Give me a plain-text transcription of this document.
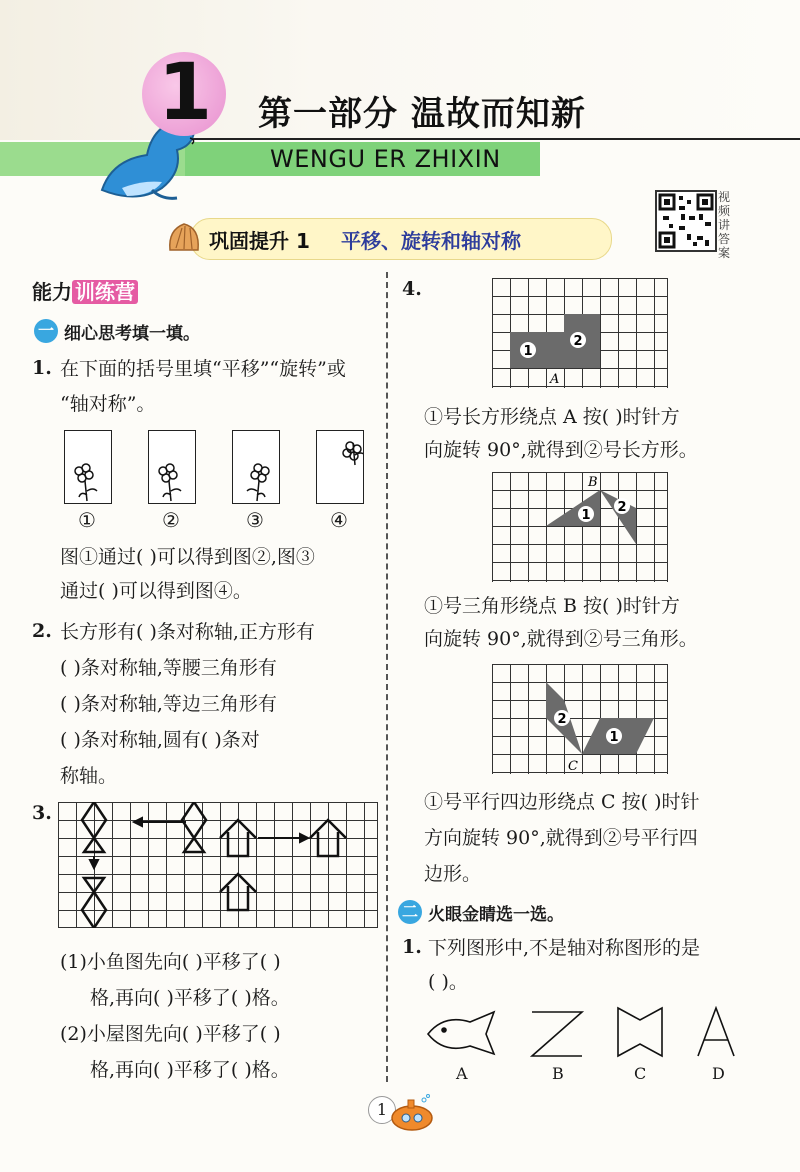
1 第一部分 温故而知新
WENGU ER ZHIXIN
巩固提升 1 平移、旋转和轴对称
视频讲答案
能力 训练营
一 细心思考填一填。
1. 在下面的括号里填“平移”“旋转”或
“轴对称”。
①	②	③	④
图①通过( )可以得到图②,图③
通过( )可以得到图④。
2. 长方形有( )条对称轴,正方形有
( )条对称轴,等腰三角形有
( )条对称轴,等边三角形有
( )条对称轴,圆有( )条对
称轴。
3.
(1)小鱼图先向( )平移了( )
格,再向( )平移了( )格。
(2)小屋图先向( )平移了( )
格,再向( )平移了( )格。
4.
1
2
A
①号长方形绕点 A 按( )时针方
向旋转 90°,就得到②号长方形。
1
2
B
①号三角形绕点 B 按( )时针方
向旋转 90°,就得到②号三角形。
2
1
C
①号平行四边形绕点 C 按( )时针
方向旋转 90°,就得到②号平行四
边形。
二 火眼金睛选一选。
1. 下列图形中,不是轴对称图形的是
( )。
A	B	C	D
1
